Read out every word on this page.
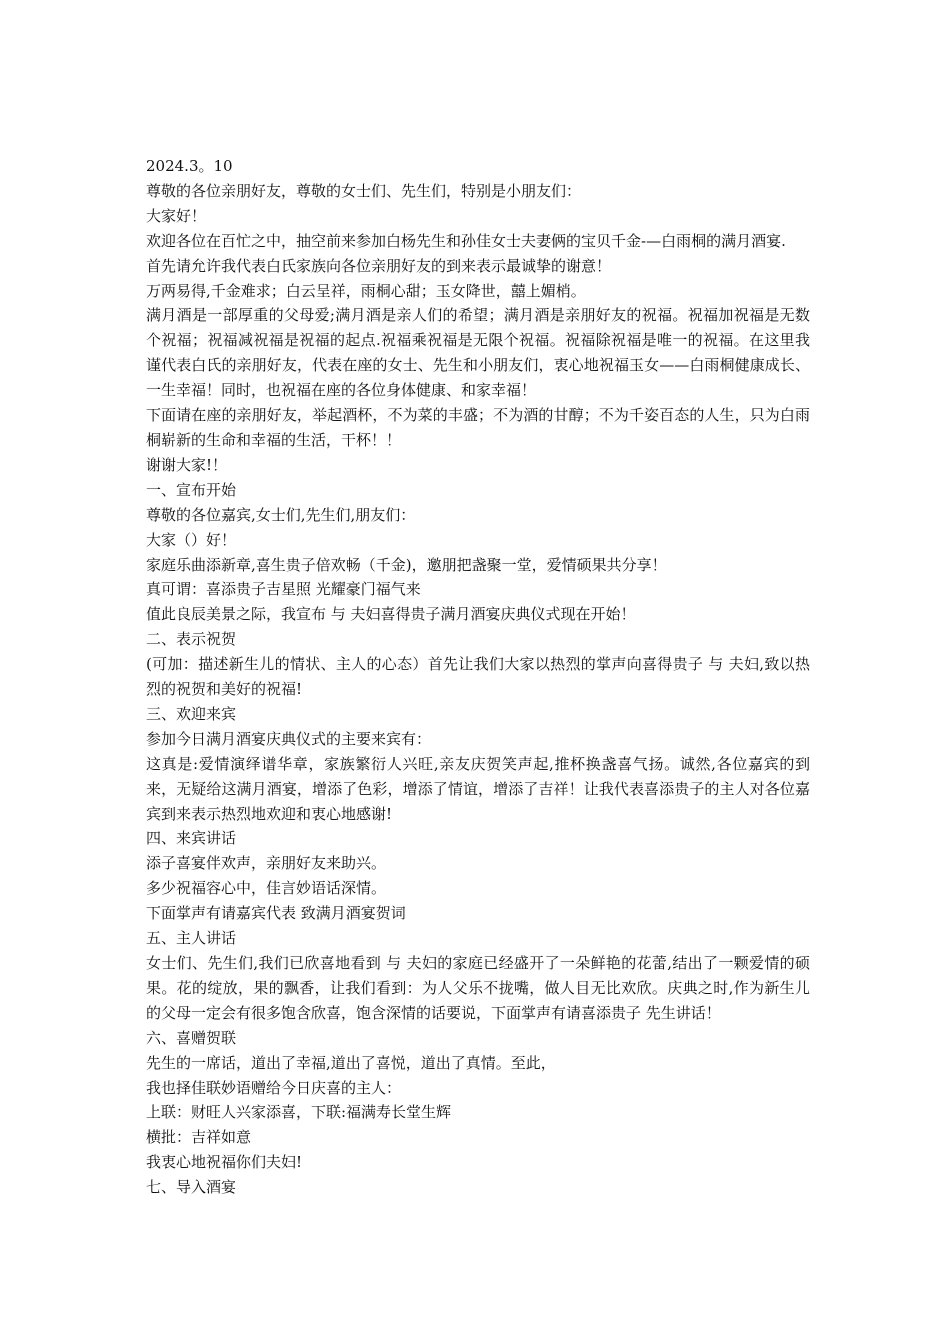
2024.3。10

尊敬的各位亲朋好友，尊敬的女士们、先生们，特别是小朋友们：

大家好！

欢迎各位在百忙之中，抽空前来参加白杨先生和孙佳女士夫妻俩的宝贝千金-—白雨桐的满月酒宴.

首先请允许我代表白氏家族向各位亲朋好友的到来表示最诚挚的谢意！

万两易得,千金难求；白云呈祥，雨桐心甜；玉女降世，囍上媚梢。

满月酒是一部厚重的父母爱;满月酒是亲人们的希望；满月酒是亲朋好友的祝福。祝福加祝福是无数个祝福；祝福减祝福是祝福的起点.祝福乘祝福是无限个祝福。祝福除祝福是唯一的祝福。在这里我谨代表白氏的亲朋好友，代表在座的女士、先生和小朋友们，衷心地祝福玉女——白雨桐健康成长、一生幸福！同时，也祝福在座的各位身体健康、和家幸福！

下面请在座的亲朋好友，举起酒杯，不为菜的丰盛；不为酒的甘醇；不为千姿百态的人生，只为白雨桐崭新的生命和幸福的生活，干杯！！

谢谢大家!！

一、宣布开始

尊敬的各位嘉宾,女士们,先生们,朋友们：

大家（）好！

家庭乐曲添新章,喜生贵子倍欢畅（千金)，邀朋把盏聚一堂，爱情硕果共分享！

真可谓：喜添贵子吉星照 光耀豪门福气来

值此良辰美景之际，我宣布 与 夫妇喜得贵子满月酒宴庆典仪式现在开始！

二、表示祝贺

(可加：描述新生儿的情状、主人的心态）首先让我们大家以热烈的掌声向喜得贵子 与 夫妇,致以热烈的祝贺和美好的祝福!

三、欢迎来宾

参加今日满月酒宴庆典仪式的主要来宾有：

这真是:爱情演绎谱华章，家族繁衍人兴旺,亲友庆贺笑声起,推杯换盏喜气扬。诚然,各位嘉宾的到来，无疑给这满月酒宴，增添了色彩，增添了情谊，增添了吉祥！让我代表喜添贵子的主人对各位嘉宾到来表示热烈地欢迎和衷心地感谢!

四、来宾讲话

添子喜宴伴欢声，亲朋好友来助兴。

多少祝福容心中，佳言妙语话深情。

下面掌声有请嘉宾代表 致满月酒宴贺词

五、主人讲话

女士们、先生们,我们已欣喜地看到 与 夫妇的家庭已经盛开了一朵鲜艳的花蕾,结出了一颗爱情的硕果。花的绽放，果的飘香，让我们看到：为人父乐不拢嘴，做人目无比欢欣。庆典之时,作为新生儿的父母一定会有很多饱含欣喜，饱含深情的话要说，下面掌声有请喜添贵子 先生讲话！

六、喜赠贺联

先生的一席话，道出了幸福,道出了喜悦，道出了真情。至此，

我也择佳联妙语赠给今日庆喜的主人：

上联：财旺人兴家添喜，下联:福满寿长堂生辉

横批：吉祥如意

我衷心地祝福你们夫妇!

七、导入酒宴
